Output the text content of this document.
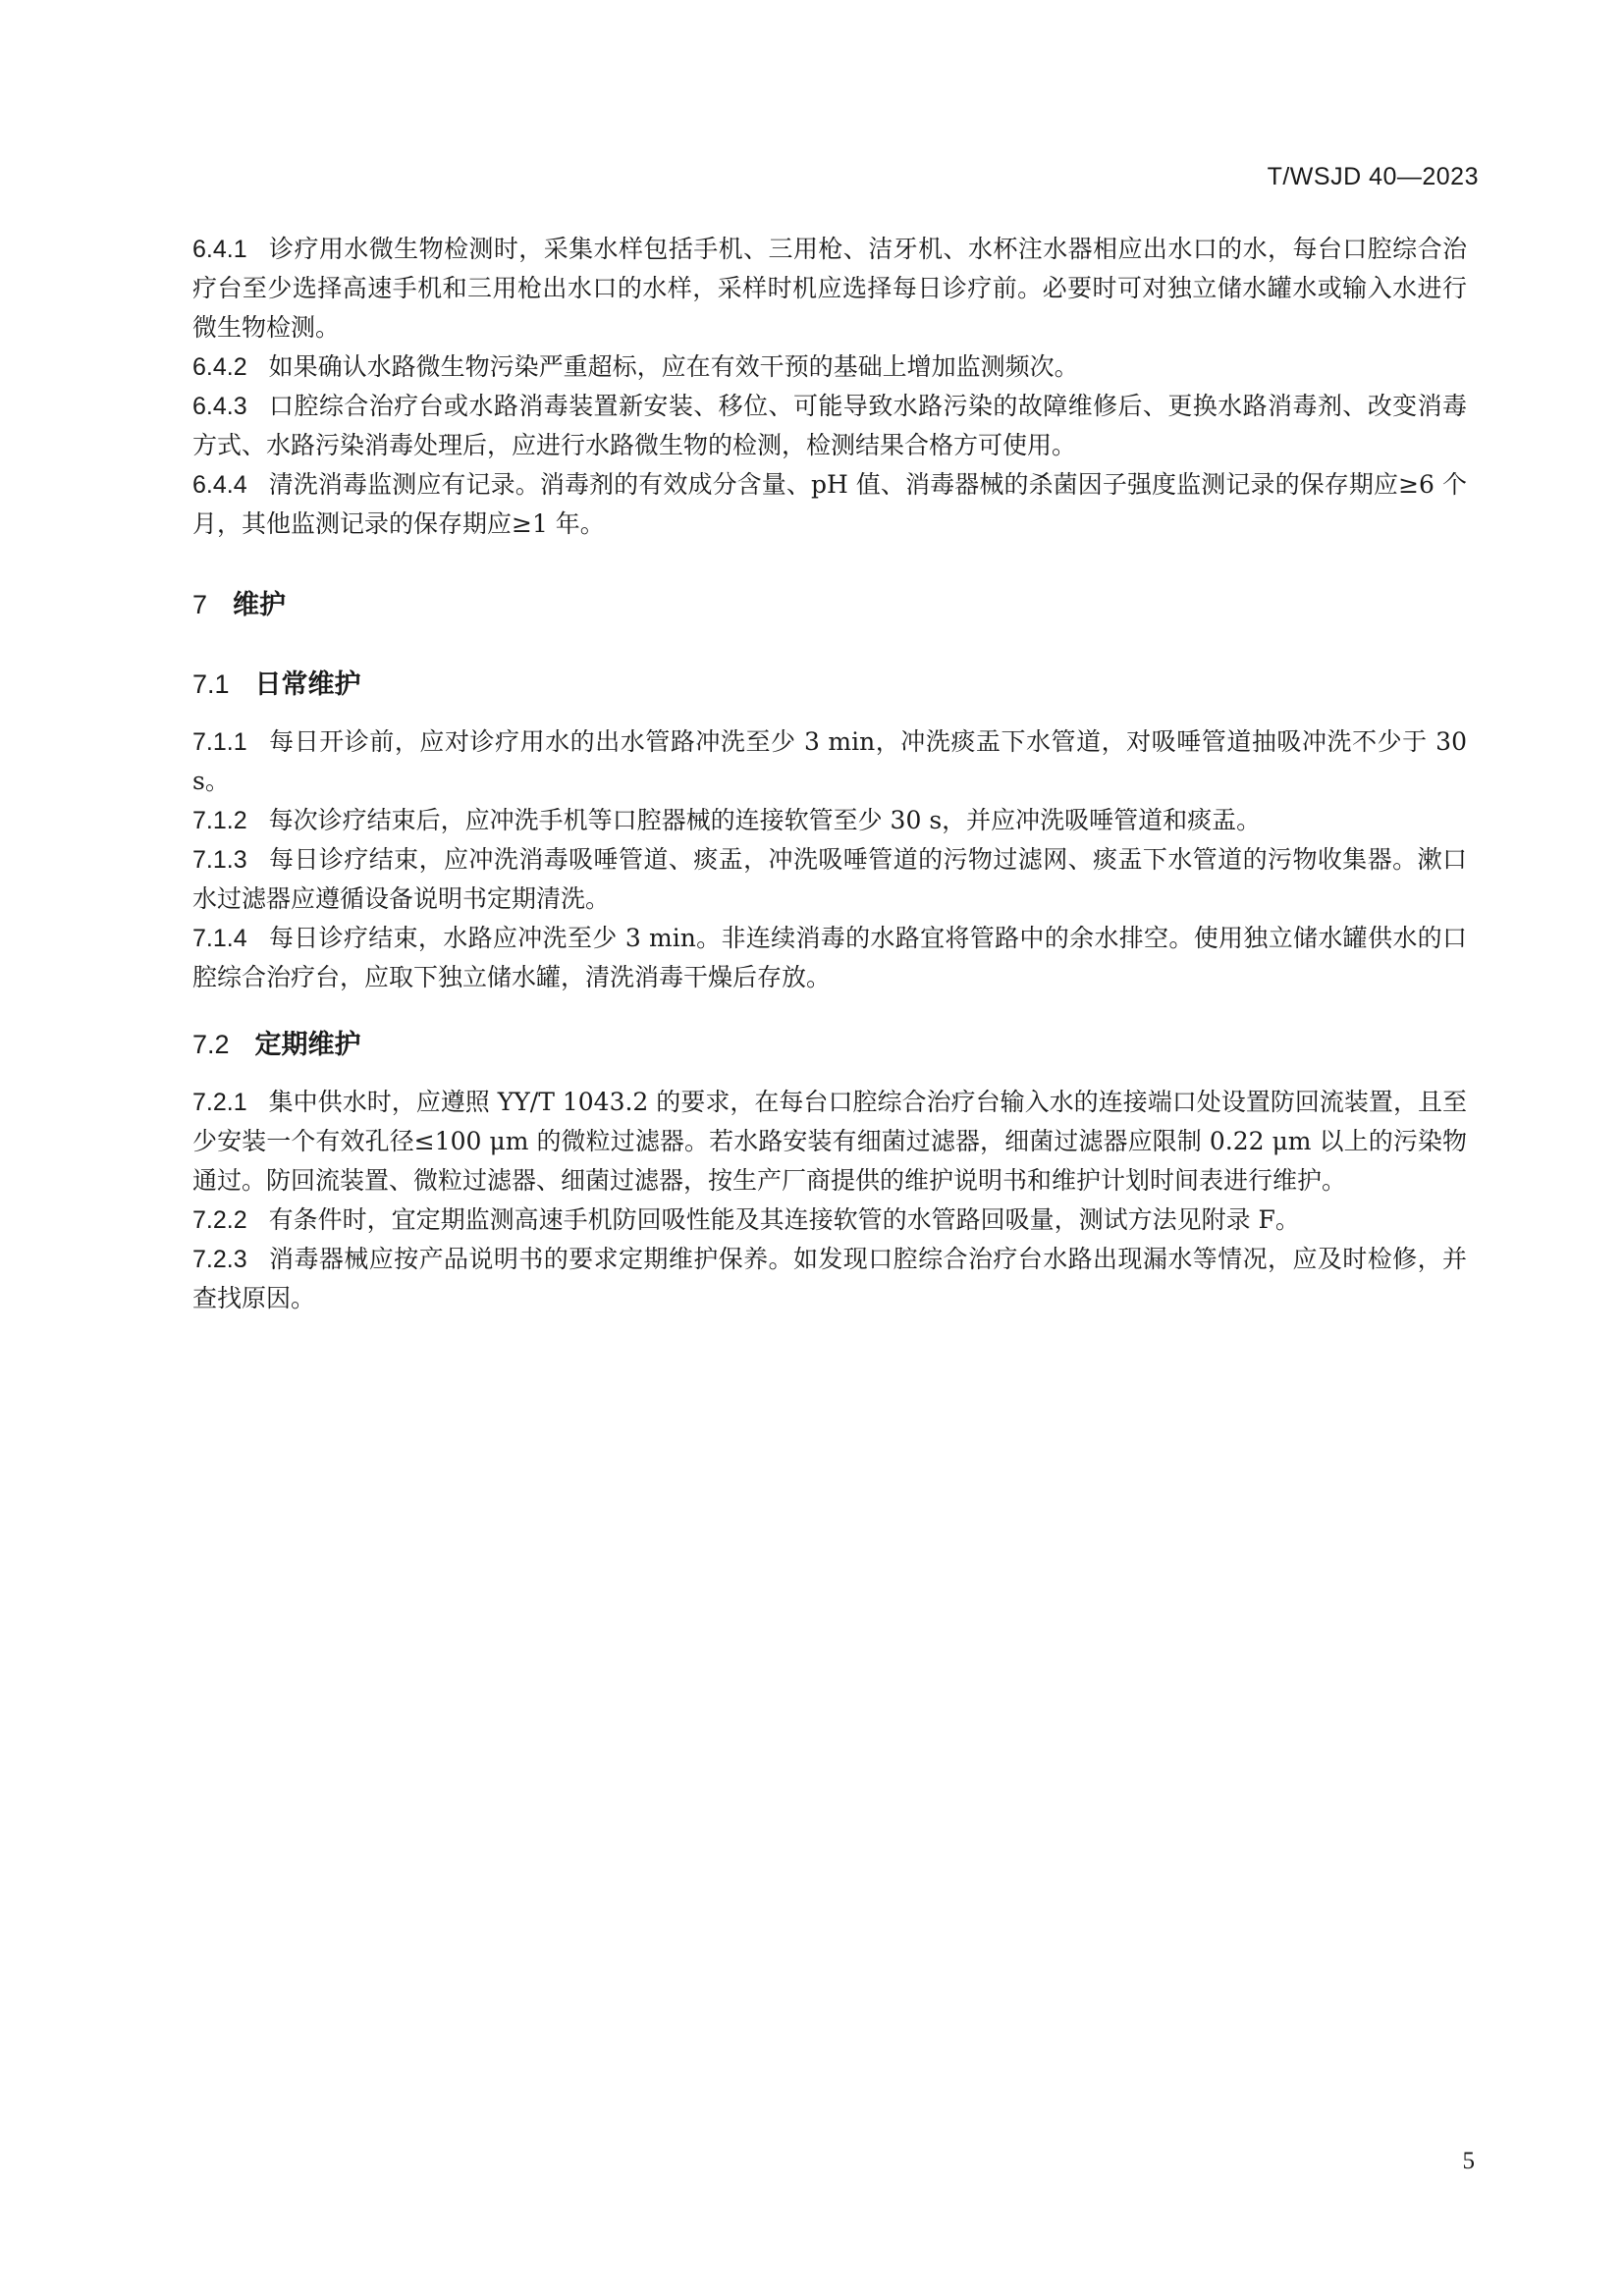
T/WSJD 40—2023

6.4.1 诊疗用水微生物检测时，采集水样包括手机、三用枪、洁牙机、水杯注水器相应出水口的水，每台口腔综合治疗台至少选择高速手机和三用枪出水口的水样，采样时机应选择每日诊疗前。必要时可对独立储水罐水或输入水进行微生物检测。

6.4.2 如果确认水路微生物污染严重超标，应在有效干预的基础上增加监测频次。

6.4.3 口腔综合治疗台或水路消毒装置新安装、移位、可能导致水路污染的故障维修后、更换水路消毒剂、改变消毒方式、水路污染消毒处理后，应进行水路微生物的检测，检测结果合格方可使用。

6.4.4 清洗消毒监测应有记录。消毒剂的有效成分含量、pH 值、消毒器械的杀菌因子强度监测记录的保存期应≥6 个月，其他监测记录的保存期应≥1 年。

7 维护
7.1 日常维护

7.1.1 每日开诊前，应对诊疗用水的出水管路冲洗至少 3 min，冲洗痰盂下水管道，对吸唾管道抽吸冲洗不少于 30 s。

7.1.2 每次诊疗结束后，应冲洗手机等口腔器械的连接软管至少 30 s，并应冲洗吸唾管道和痰盂。

7.1.3 每日诊疗结束，应冲洗消毒吸唾管道、痰盂，冲洗吸唾管道的污物过滤网、痰盂下水管道的污物收集器。漱口水过滤器应遵循设备说明书定期清洗。

7.1.4 每日诊疗结束，水路应冲洗至少 3 min。非连续消毒的水路宜将管路中的余水排空。使用独立储水罐供水的口腔综合治疗台，应取下独立储水罐，清洗消毒干燥后存放。

7.2 定期维护

7.2.1 集中供水时，应遵照 YY/T 1043.2 的要求，在每台口腔综合治疗台输入水的连接端口处设置防回流装置，且至少安装一个有效孔径≤100 μm 的微粒过滤器。若水路安装有细菌过滤器，细菌过滤器应限制 0.22 μm 以上的污染物通过。防回流装置、微粒过滤器、细菌过滤器，按生产厂商提供的维护说明书和维护计划时间表进行维护。

7.2.2 有条件时，宜定期监测高速手机防回吸性能及其连接软管的水管路回吸量，测试方法见附录 F。

7.2.3 消毒器械应按产品说明书的要求定期维护保养。如发现口腔综合治疗台水路出现漏水等情况，应及时检修，并查找原因。

5
